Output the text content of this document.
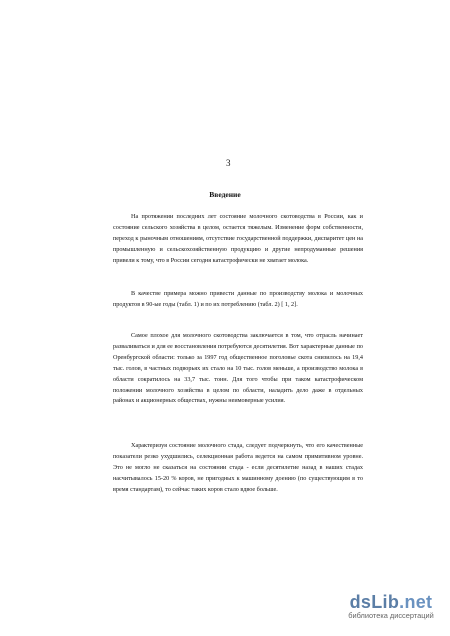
3
Введение

На протяжении последних лет состояние молочного скотоводства в России, как и состояние сельского хозяйства в целом, остается тяжелым. Изменение форм собственности, переход к рыночным отношениям, отсутствие государственной поддержки, диспаритет цен на промышленную и сельскохозяйственную продукцию и другие непродуманные решения привели к тому, что в России сегодня катастрофически не хватает молока.

В качестве примера можно привести данные по производству молока и молочных продуктов в 90-ые годы (табл. 1) и по их потреблению (табл. 2) [ 1, 2].

Самое плохое для молочного скотоводства заключается в том, что отрасль начинает разваливаться и для ее восстановления потребуются десятилетия. Вот характерные данные по Оренбургской области: только за 1997 год общественное поголовье скота снизилось на 19,4 тыс. голов, в частных подворьях их стало на 10 тыс. голов меньше, а производство молока в области сократилось на 33,7 тыс. тонн. Для того чтобы при таком катастрофическом положении молочного хозяйства в целом по области, наладить дело даже в отдельных районах и акционерных обществах, нужны неимоверные усилия.

Характеризуя состояние молочного стада, следует подчеркнуть, что его качественные показатели резко ухудшились, селекционная работа ведется на самом примитивном уровне. Это не могло не сказаться на состоянии стада - если десятилетие назад в наших стадах насчитывалось 15-20 % коров, не пригодных к машинному доению (по существующим в то время стандартам), то сейчас таких коров стало вдвое больше.

dsLib.net
библиотека диссертаций
